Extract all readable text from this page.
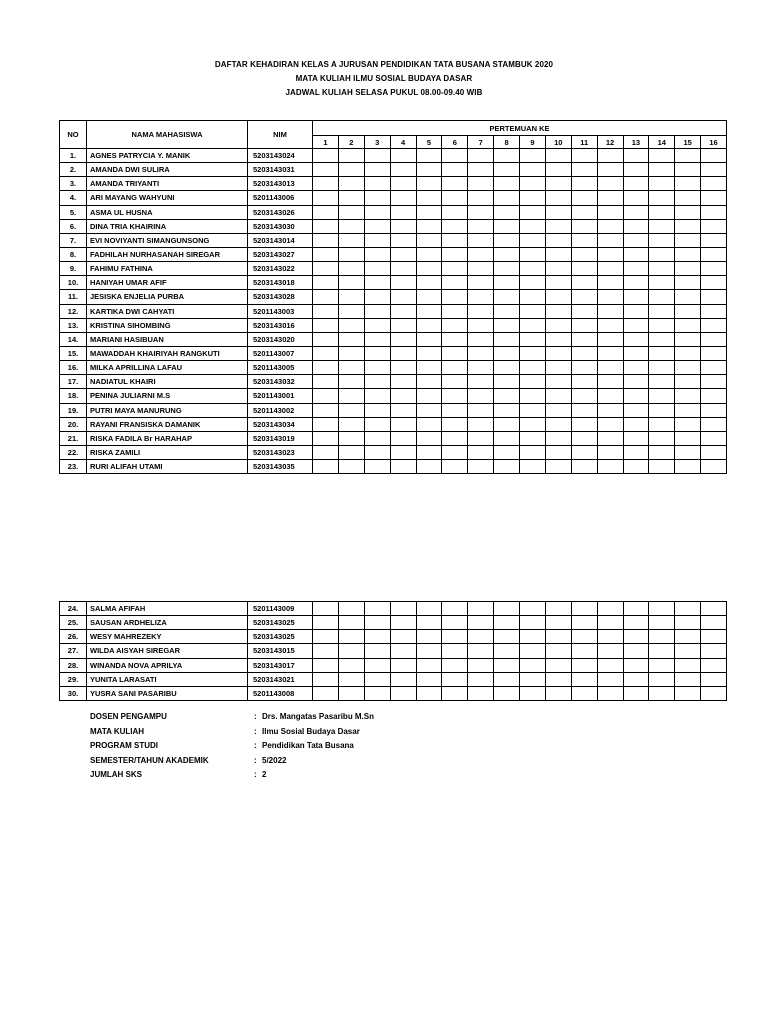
DAFTAR KEHADIRAN KELAS A JURUSAN PENDIDIKAN TATA BUSANA STAMBUK 2020
MATA KULIAH ILMU SOSIAL BUDAYA DASAR
JADWAL KULIAH SELASA PUKUL 08.00-09.40 WIB
NO	NAMA MAHASISWA	NIM	PERTEMUAN KE															
			1	2	3	4	5	6	7	8	9	10	11	12	13	14	15	16
1.	AGNES PATRYCIA Y. MANIK	5203143024																
2.	AMANDA DWI SULIRA	5203143031																
3.	AMANDA TRIYANTI	5203143013																
4.	ARI MAYANG WAHYUNI	5201143006																
5.	ASMA UL HUSNA	5203143026																
6.	DINA TRIA KHAIRINA	5203143030																
7.	EVI NOVIYANTI SIMANGUNSONG	5203143014																
8.	FADHILAH NURHASANAH SIREGAR	5203143027																
9.	FAHIMU FATHINA	5203143022																
10.	HANIYAH UMAR AFIF	5203143018																
11.	JESISKA ENJELIA PURBA	5203143028																
12.	KARTIKA DWI CAHYATI	5201143003																
13.	KRISTINA SIHOMBING	5203143016																
14.	MARIANI HASIBUAN	5203143020																
15.	MAWADDAH KHAIRIYAH RANGKUTI	5201143007																
16.	MILKA APRILLINA LAFAU	5201143005																
17.	NADIATUL KHAIRI	5203143032																
18.	PENINA JULIARNI M.S	5201143001																
19.	PUTRI MAYA MANURUNG	5201143002																
20.	RAYANI FRANSISKA DAMANIK	5203143034																
21.	RISKA FADILA Br HARAHAP	5203143019																
22.	RISKA ZAMILI	5203143023																
23.	RURI ALIFAH UTAMI	5203143035																
24.	SALMA AFIFAH	5201143009																
25.	SAUSAN ARDHELIZA	5203143025																
26.	WESY MAHREZEKY	5203143025																
27.	WILDA AISYAH SIREGAR	5203143015																
28.	WINANDA NOVA APRILYA	5203143017																
29.	YUNITA LARASATI	5203143021																
30.	YUSRA SANI PASARIBU	5201143008																
DOSEN PENGAMPU	: Drs. Mangatas Pasaribu M.Sn
MATA KULIAH	: Ilmu Sosial Budaya Dasar
PROGRAM STUDI	: Pendidikan Tata Busana
SEMESTER/TAHUN AKADEMIK	: 5/2022
JUMLAH SKS	: 2
